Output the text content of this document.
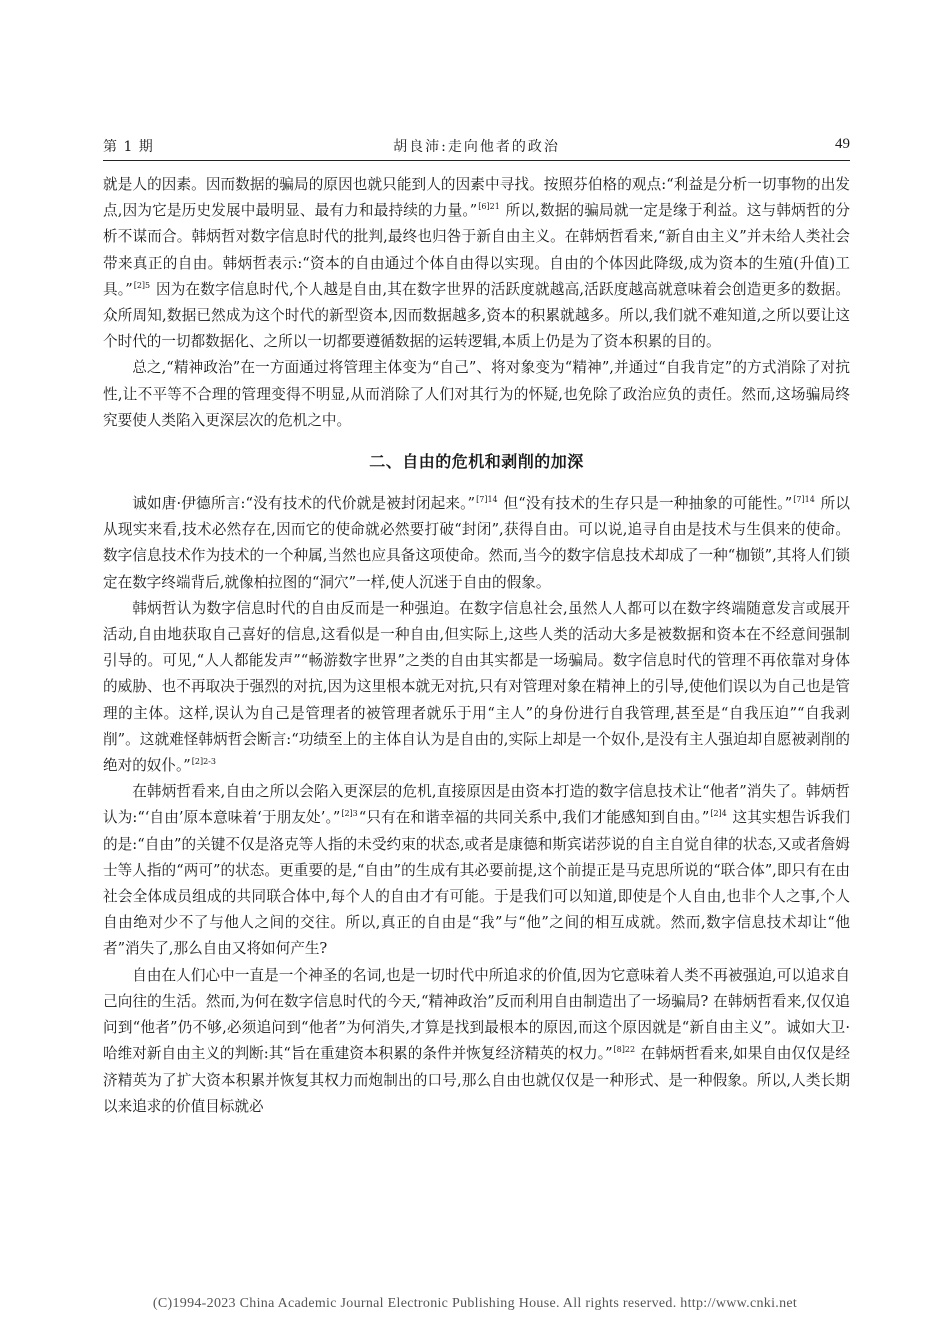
第 1 期	胡良沛:走向他者的政治	49

就是人的因素。因而数据的骗局的原因也就只能到人的因素中寻找。按照芬伯格的观点:“利益是分析一切事物的出发点,因为它是历史发展中最明显、最有力和最持续的力量。”$^{[6]21}$ 所以,数据的骗局就一定是缘于利益。这与韩炳哲的分析不谋而合。韩炳哲对数字信息时代的批判,最终也归咎于新自由主义。在韩炳哲看来,“新自由主义”并未给人类社会带来真正的自由。韩炳哲表示:“资本的自由通过个体自由得以实现。自由的个体因此降级,成为资本的生殖(升值)工具。”$^{[2]5}$ 因为在数字信息时代,个人越是自由,其在数字世界的活跃度就越高,活跃度越高就意味着会创造更多的数据。众所周知,数据已然成为这个时代的新型资本,因而数据越多,资本的积累就越多。所以,我们就不难知道,之所以要让这个时代的一切都数据化、之所以一切都要遵循数据的运转逻辑,本质上仍是为了资本积累的目的。

总之,“精神政治”在一方面通过将管理主体变为“自己”、将对象变为“精神”,并通过“自我肯定”的方式消除了对抗性,让不平等不合理的管理变得不明显,从而消除了人们对其行为的怀疑,也免除了政治应负的责任。然而,这场骗局终究要使人类陷入更深层次的危机之中。

二、自由的危机和剥削的加深

诚如唐·伊德所言:“没有技术的代价就是被封闭起来。”$^{[7]14}$ 但“没有技术的生存只是一种抽象的可能性。”$^{[7]14}$ 所以从现实来看,技术必然存在,因而它的使命就必然要打破“封闭”,获得自由。可以说,追寻自由是技术与生俱来的使命。数字信息技术作为技术的一个种属,当然也应具备这项使命。然而,当今的数字信息技术却成了一种“枷锁”,其将人们锁定在数字终端背后,就像柏拉图的“洞穴”一样,使人沉迷于自由的假象。

韩炳哲认为数字信息时代的自由反而是一种强迫。在数字信息社会,虽然人人都可以在数字终端随意发言或展开活动,自由地获取自己喜好的信息,这看似是一种自由,但实际上,这些人类的活动大多是被数据和资本在不经意间强制引导的。可见,“人人都能发声”“畅游数字世界”之类的自由其实都是一场骗局。数字信息时代的管理不再依靠对身体的威胁、也不再取决于强烈的对抗,因为这里根本就无对抗,只有对管理对象在精神上的引导,使他们误以为自己也是管理的主体。这样,误认为自己是管理者的被管理者就乐于用“主人”的身份进行自我管理,甚至是“自我压迫”“自我剥削”。这就难怪韩炳哲会断言:“功绩至上的主体自认为是自由的,实际上却是一个奴仆,是没有主人强迫却自愿被剥削的绝对的奴仆。”$^{[2]2-3}$

在韩炳哲看来,自由之所以会陷入更深层的危机,直接原因是由资本打造的数字信息技术让“他者”消失了。韩炳哲认为:“‘自由’原本意味着‘于朋友处’。”$^{[2]3}$“只有在和谐幸福的共同关系中,我们才能感知到自由。”$^{[2]4}$ 这其实想告诉我们的是:“自由”的关键不仅是洛克等人指的未受约束的状态,或者是康德和斯宾诺莎说的自主自觉自律的状态,又或者詹姆士等人指的“两可”的状态。更重要的是,“自由”的生成有其必要前提,这个前提正是马克思所说的“联合体”,即只有在由社会全体成员组成的共同联合体中,每个人的自由才有可能。于是我们可以知道,即使是个人自由,也非个人之事,个人自由绝对少不了与他人之间的交往。所以,真正的自由是“我”与“他”之间的相互成就。然而,数字信息技术却让“他者”消失了,那么自由又将如何产生?

自由在人们心中一直是一个神圣的名词,也是一切时代中所追求的价值,因为它意味着人类不再被强迫,可以追求自己向往的生活。然而,为何在数字信息时代的今天,“精神政治”反而利用自由制造出了一场骗局? 在韩炳哲看来,仅仅追问到“他者”仍不够,必须追问到“他者”为何消失,才算是找到最根本的原因,而这个原因就是“新自由主义”。诚如大卫·哈维对新自由主义的判断:其“旨在重建资本积累的条件并恢复经济精英的权力。”$^{[8]22}$ 在韩炳哲看来,如果自由仅仅是经济精英为了扩大资本积累并恢复其权力而炮制出的口号,那么自由也就仅仅是一种形式、是一种假象。所以,人类长期以来追求的价值目标就必

(C)1994-2023 China Academic Journal Electronic Publishing House. All rights reserved. http://www.cnki.net
